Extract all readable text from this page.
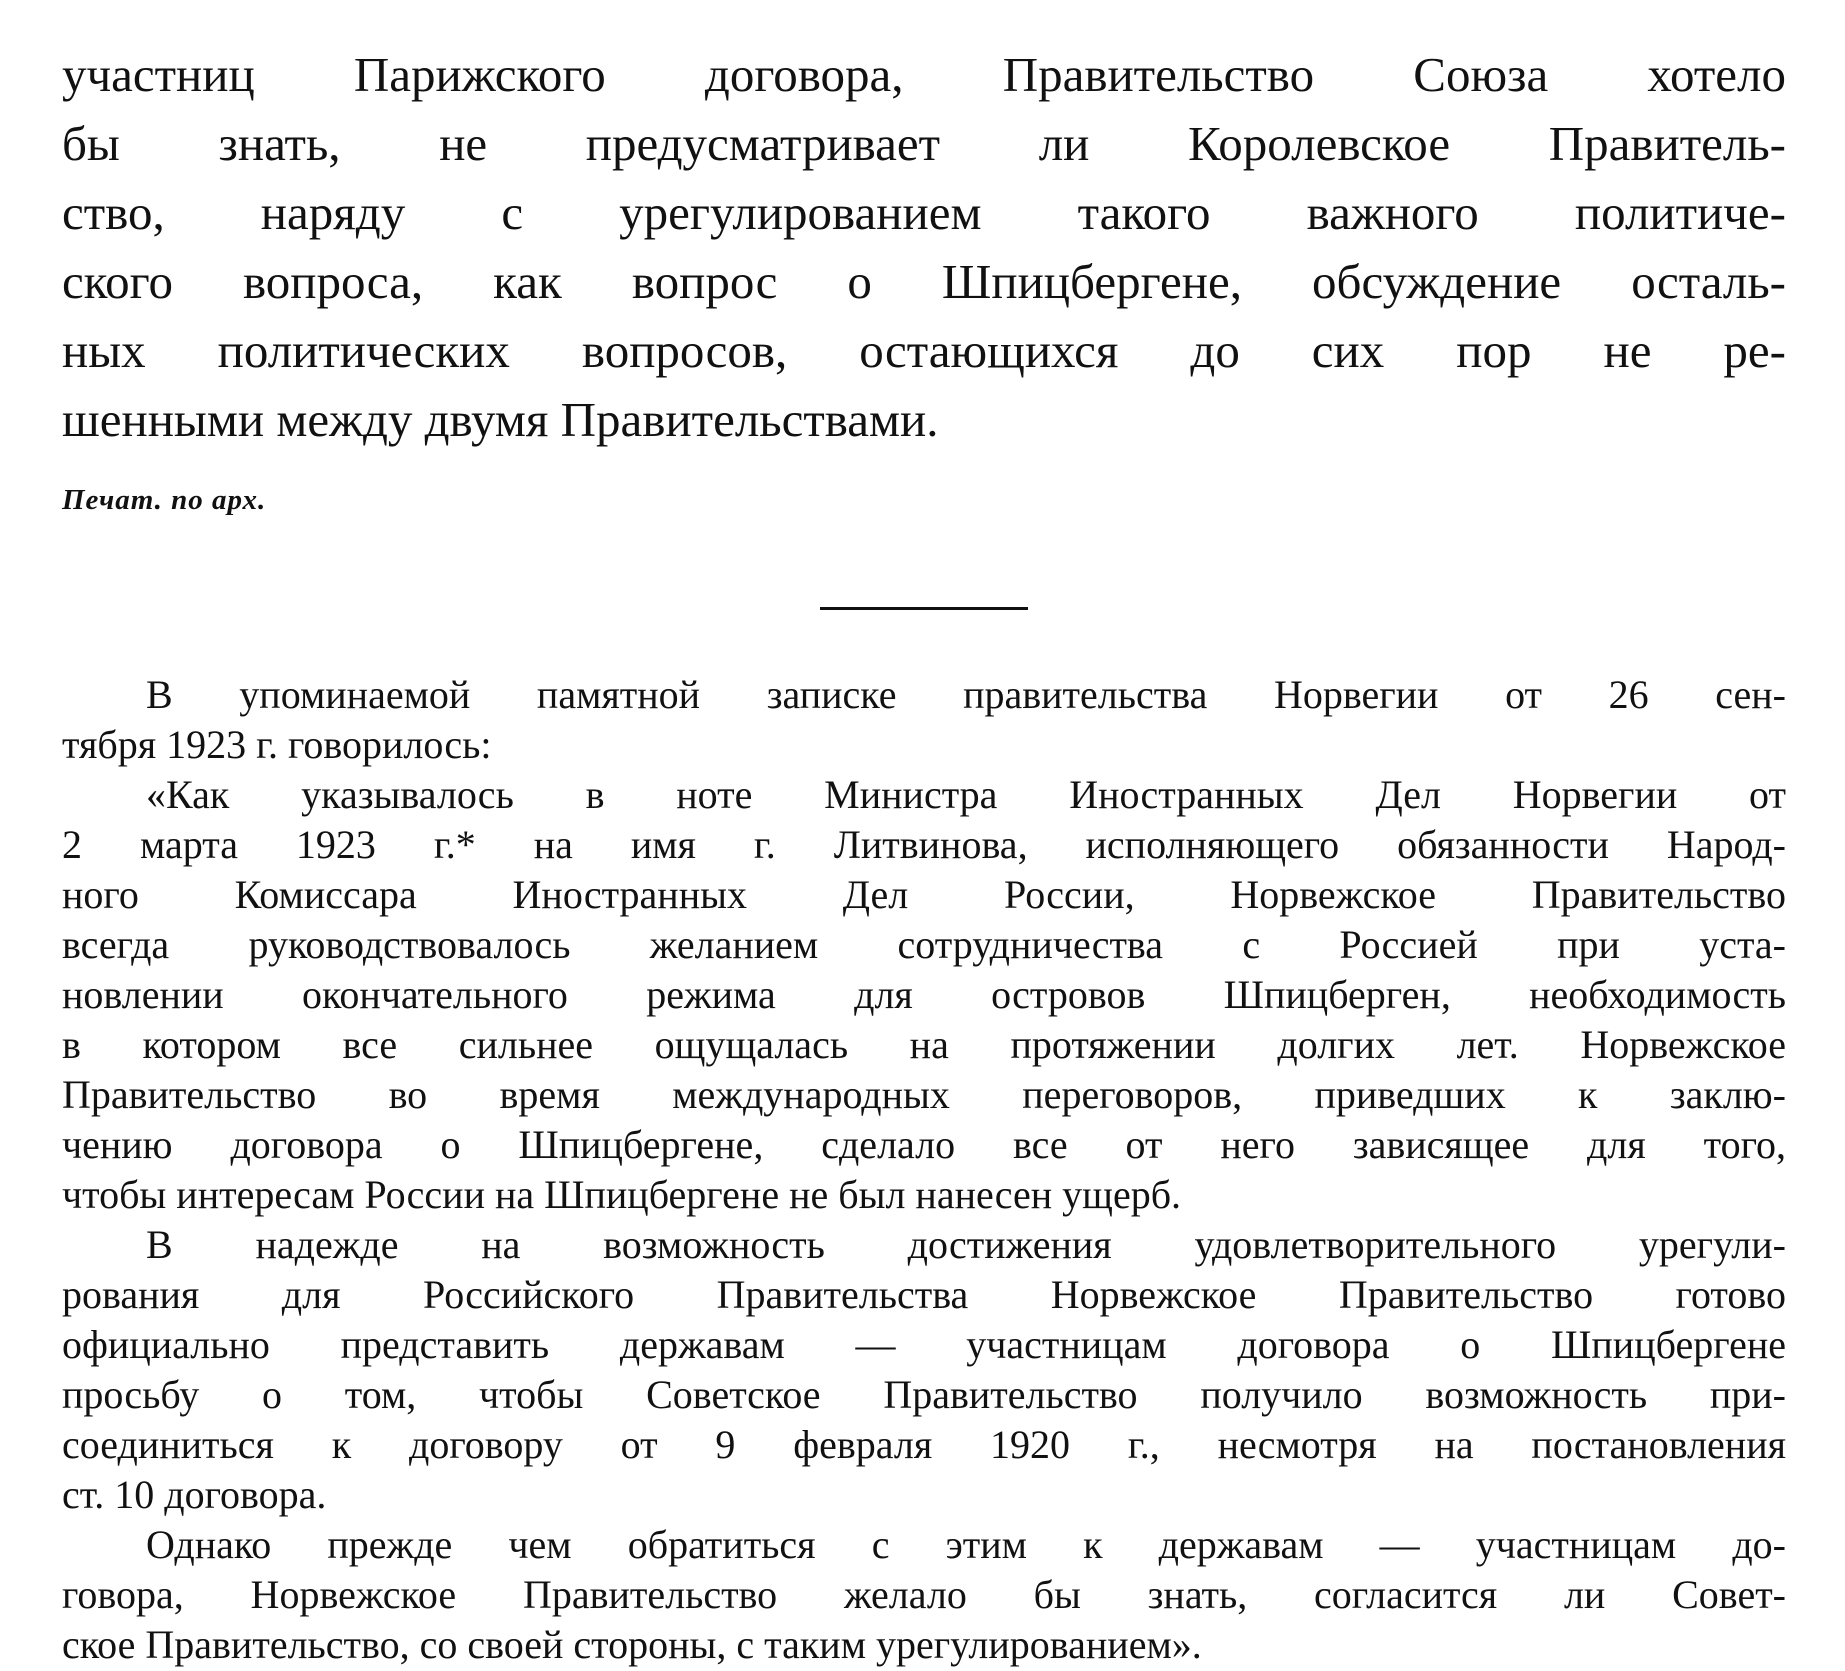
участниц Парижского договора, Правительство Союза хотело
бы знать, не предусматривает ли Королевское Правитель-
ство, наряду с урегулированием такого важного политиче-
ского вопроса, как вопрос о Шпицбергене, обсуждение осталь-
ных политических вопросов, остающихся до сих пор не ре-
шенными между двумя Правительствами.

Печат. по арх.

В упоминаемой памятной записке правительства Норвегии от 26 сен-
тября 1923 г. говорилось:
«Как указывалось в ноте Министра Иностранных Дел Норвегии от
2 марта 1923 г.* на имя г. Литвинова, исполняющего обязанности Народ-
ного Комиссара Иностранных Дел России, Норвежское Правительство
всегда руководствовалось желанием сотрудничества с Россией при уста-
новлении окончательного режима для островов Шпицберген, необходимость
в котором все сильнее ощущалась на протяжении долгих лет. Норвежское
Правительство во время международных переговоров, приведших к заклю-
чению договора о Шпицбергене, сделало все от него зависящее для того,
чтобы интересам России на Шпицбергене не был нанесен ущерб.
В надежде на возможность достижения удовлетворительного урегули-
рования для Российского Правительства Норвежское Правительство готово
официально представить державам — участницам договора о Шпицбергене
просьбу о том, чтобы Советское Правительство получило возможность при-
соединиться к договору от 9 февраля 1920 г., несмотря на постановления
ст. 10 договора.
Однако прежде чем обратиться с этим к державам — участницам до-
говора, Норвежское Правительство желало бы знать, согласится ли Совет-
ское Правительство, со своей стороны, с таким урегулированием».
